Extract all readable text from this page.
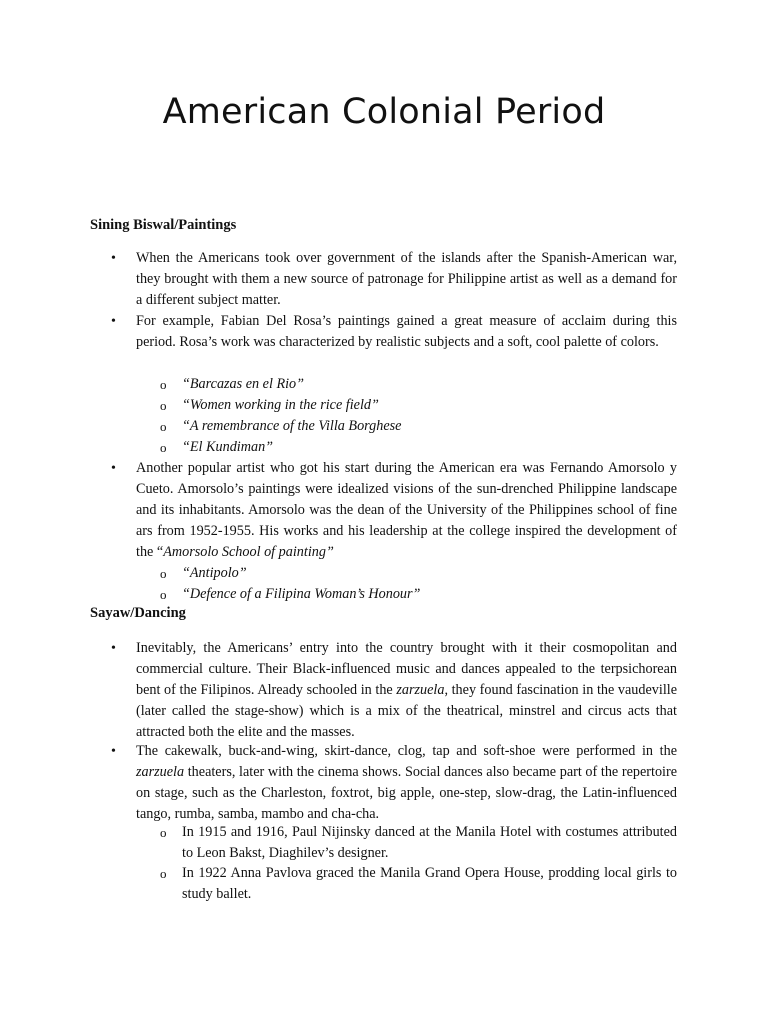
American Colonial Period
Sining Biswal/Paintings
• When the Americans took over government of the islands after the Spanish-American war, they brought with them a new source of patronage for Philippine artist as well as a demand for a different subject matter.
• For example, Fabian Del Rosa’s paintings gained a great measure of acclaim during this period. Rosa’s work was characterized by realistic subjects and a soft, cool palette of colors.
o “Barcazas en el Rio”
o “Women working in the rice field”
o “A remembrance of the Villa Borghese
o “El Kundiman”
• Another popular artist who got his start during the American era was Fernando Amorsolo y Cueto. Amorsolo’s paintings were idealized visions of the sun-drenched Philippine landscape and its inhabitants. Amorsolo was the dean of the University of the Philippines school of fine ars from 1952-1955. His works and his leadership at the college inspired the development of the “Amorsolo School of painting”
o “Antipolo”
o “Defence of a Filipina Woman’s Honour”
Sayaw/Dancing
• Inevitably, the Americans’ entry into the country brought with it their cosmopolitan and commercial culture. Their Black-influenced music and dances appealed to the terpsichorean bent of the Filipinos. Already schooled in the zarzuela, they found fascination in the vaudeville (later called the stage-show) which is a mix of the theatrical, minstrel and circus acts that attracted both the elite and the masses.
• The cakewalk, buck-and-wing, skirt-dance, clog, tap and soft-shoe were performed in the zarzuela theaters, later with the cinema shows. Social dances also became part of the repertoire on stage, such as the Charleston, foxtrot, big apple, one-step, slow-drag, the Latin-influenced tango, rumba, samba, mambo and cha-cha.
o In 1915 and 1916, Paul Nijinsky danced at the Manila Hotel with costumes attributed to Leon Bakst, Diaghilev’s designer.
o In 1922 Anna Pavlova graced the Manila Grand Opera House, prodding local girls to study ballet.
